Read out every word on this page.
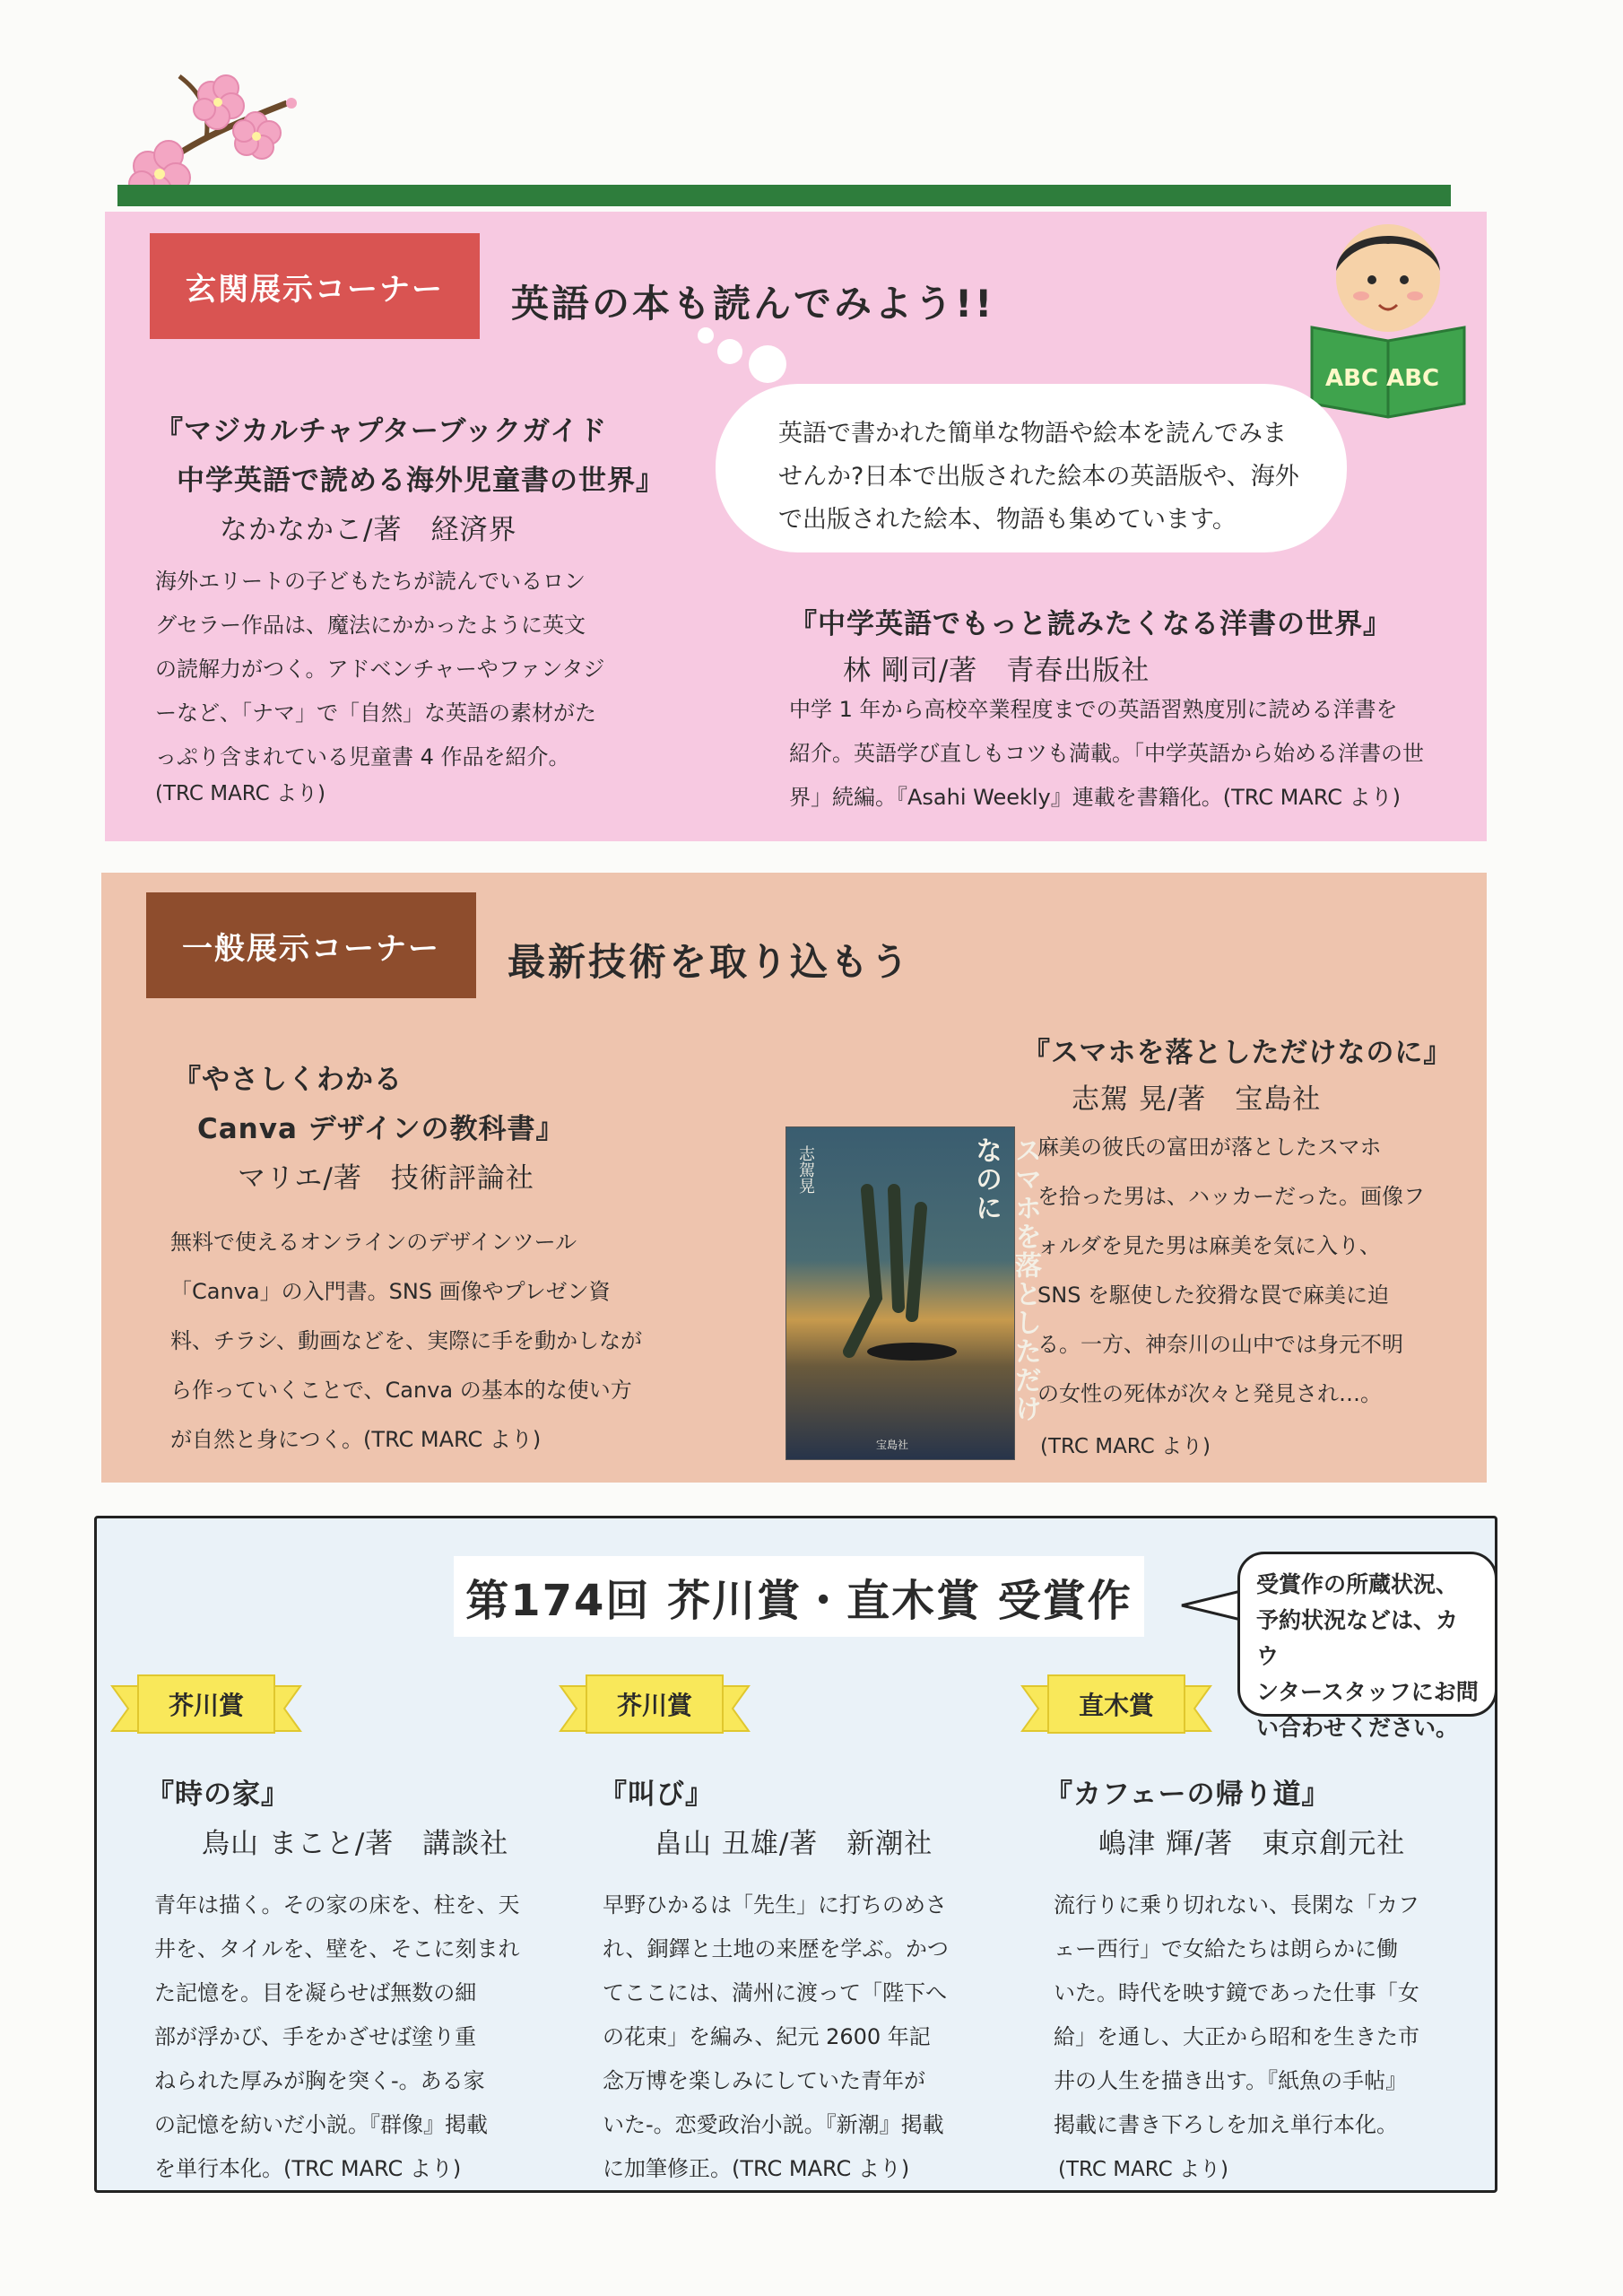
玄関展示コーナー	英語の本も読んでみよう!!
ABC ABC
英語で書かれた簡単な物語や絵本を読んでみま
せんか?日本で出版された絵本の英語版や、海外
で出版された絵本、物語も集めています。
『マジカルチャプターブックガイド
中学英語で読める海外児童書の世界』
なかなかこ/著　経済界
海外エリートの子どもたちが読んでいるロン
グセラー作品は、魔法にかかったように英文
の読解力がつく。アドベンチャーやファンタジ
ーなど、「ナマ」で「自然」な英語の素材がた
っぷり含まれている児童書 4 作品を紹介。
(TRC MARC より)
『中学英語でもっと読みたくなる洋書の世界』
林 剛司/著　青春出版社
中学 1 年から高校卒業程度までの英語習熟度別に読める洋書を
紹介。英語学び直しもコツも満載。「中学英語から始める洋書の世
界」続編。『Asahi Weekly』連載を書籍化。(TRC MARC より)
一般展示コーナー	最新技術を取り込もう
『やさしくわかる
Canva デザインの教科書』
マリエ/著　技術評論社
無料で使えるオンラインのデザインツール
「Canva」の入門書。SNS 画像やプレゼン資
料、チラシ、動画などを、実際に手を動かしなが
ら作っていくことで、Canva の基本的な使い方
が自然と身につく。(TRC MARC より)
スマホを落としただけなのに
志駕晃
宝島社
『スマホを落としただけなのに』
志駕 晃/著　宝島社
麻美の彼氏の富田が落としたスマホ
を拾った男は、ハッカーだった。画像フ
ォルダを見た男は麻美を気に入り、
SNS を駆使した狡猾な罠で麻美に迫
る。一方、神奈川の山中では身元不明
の女性の死体が次々と発見され…。
(TRC MARC より)
第174回 芥川賞・直木賞 受賞作	受賞作の所蔵状況、
予約状況などは、カウ
ンタースタッフにお問
い合わせください。
芥川賞
『時の家』
鳥山 まこと/著　講談社
青年は描く。その家の床を、柱を、天
井を、タイルを、壁を、そこに刻まれ
た記憶を。目を凝らせば無数の細
部が浮かび、手をかざせば塗り重
ねられた厚みが胸を突く-。ある家
の記憶を紡いだ小説。『群像』掲載
を単行本化。(TRC MARC より)
芥川賞
『叫び』
畠山 丑雄/著　新潮社
早野ひかるは「先生」に打ちのめさ
れ、銅鐸と土地の来歴を学ぶ。かつ
てここには、満州に渡って「陛下へ
の花束」を編み、紀元 2600 年記
念万博を楽しみにしていた青年が
いた-。恋愛政治小説。『新潮』掲載
に加筆修正。(TRC MARC より)
直木賞
『カフェーの帰り道』
嶋津 輝/著　東京創元社
流行りに乗り切れない、長閑な「カフ
ェー西行」で女給たちは朗らかに働
いた。時代を映す鏡であった仕事「女
給」を通し、大正から昭和を生きた市
井の人生を描き出す。『紙魚の手帖』
掲載に書き下ろしを加え単行本化。
(TRC MARC より)
